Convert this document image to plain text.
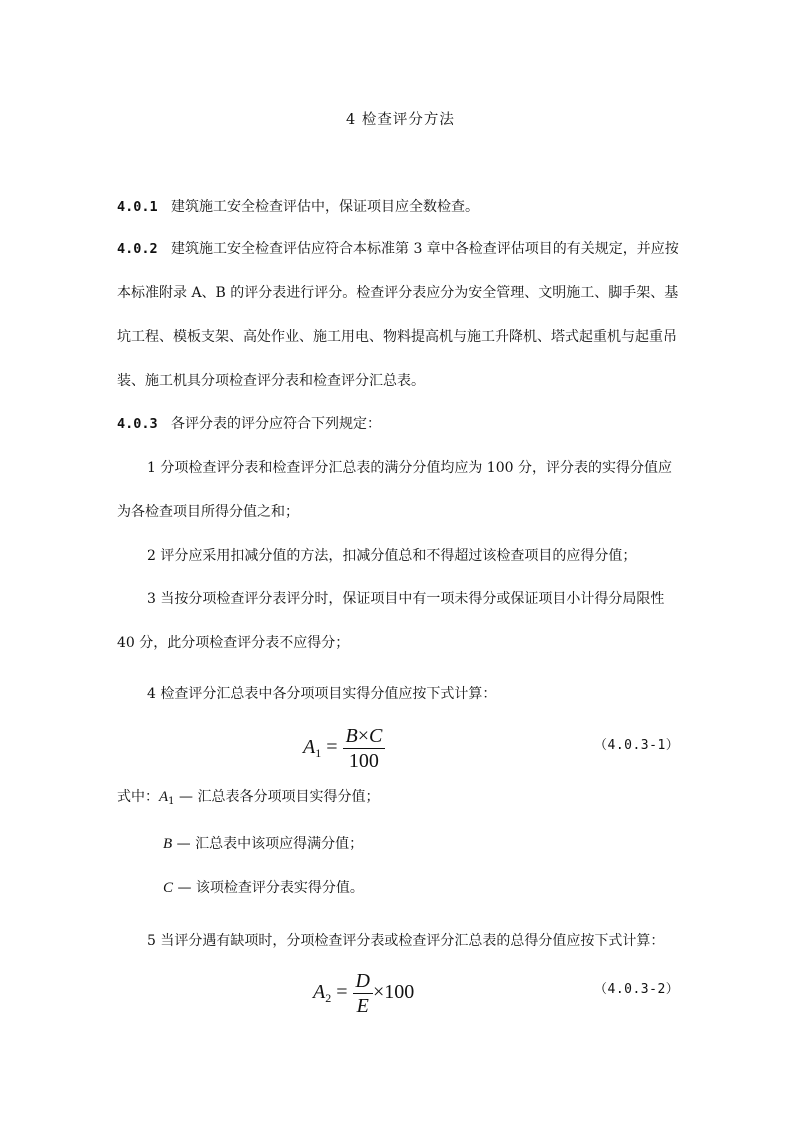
4 检查评分方法
4.0.1 建筑施工安全检查评估中，保证项目应全数检查。
4.0.2 建筑施工安全检查评估应符合本标准第 3 章中各检查评估项目的有关规定，并应按
本标准附录 A、B 的评分表进行评分。检查评分表应分为安全管理、文明施工、脚手架、基
坑工程、模板支架、高处作业、施工用电、物料提高机与施工升降机、塔式起重机与起重吊
装、施工机具分项检查评分表和检查评分汇总表。
4.0.3 各评分表的评分应符合下列规定：
1 分项检查评分表和检查评分汇总表的满分分值均应为 100 分，评分表的实得分值应
为各检查项目所得分值之和；
2 评分应采用扣减分值的方法，扣减分值总和不得超过该检查项目的应得分值；
3 当按分项检查评分表评分时，保证项目中有一项未得分或保证项目小计得分局限性
40 分，此分项检查评分表不应得分；
4 检查评分汇总表中各分项项目实得分值应按下式计算：
$A_1 = \frac{B\times C}{100}$	（4.0.3-1）
式中：$A_1$ — 汇总表各分项项目实得分值；
B — 汇总表中该项应得满分值；
C — 该项检查评分表实得分值。
5 当评分遇有缺项时，分项检查评分表或检查评分汇总表的总得分值应按下式计算：
$A_2 = \frac{D}{E} \times 100$	（4.0.3-2）
